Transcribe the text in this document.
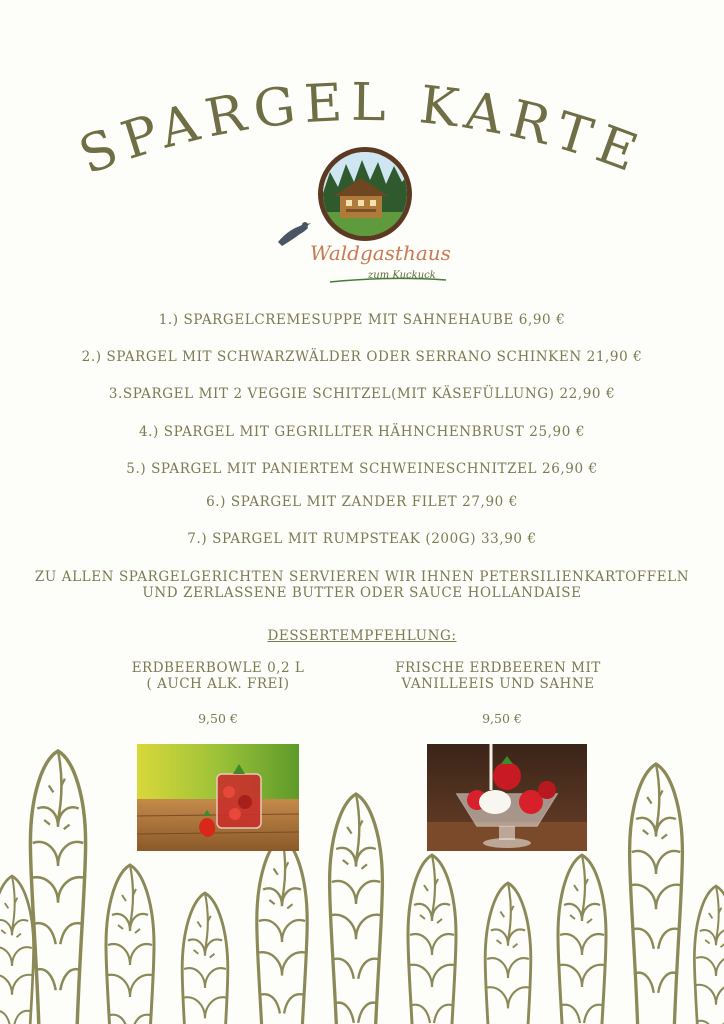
SPARGEL KARTE
Waldgasthaus
zum Kuckuck
1.) SPARGELCREMESUPPE MIT SAHNEHAUBE 6,90 €
2.) SPARGEL MIT SCHWARZWÄLDER ODER SERRANO SCHINKEN 21,90 €
3.SPARGEL MIT 2 VEGGIE SCHITZEL(MIT KÄSEFÜLLUNG) 22,90 €
4.) SPARGEL MIT GEGRILLTER HÄHNCHENBRUST 25,90 €
5.) SPARGEL MIT PANIERTEM SCHWEINESCHNITZEL 26,90 €
6.) SPARGEL MIT ZANDER FILET 27,90 €
7.) SPARGEL MIT RUMPSTEAK (200G) 33,90 €
ZU ALLEN SPARGELGERICHTEN SERVIEREN WIR IHNEN PETERSILIENKARTOFFELN
UND ZERLASSENE BUTTER ODER SAUCE HOLLANDAISE
DESSERTEMPFEHLUNG:
ERDBEERBOWLE 0,2 L
( AUCH ALK. FREI)
FRISCHE ERDBEEREN MIT
VANILLEEIS UND SAHNE
9,50 €	9,50 €
